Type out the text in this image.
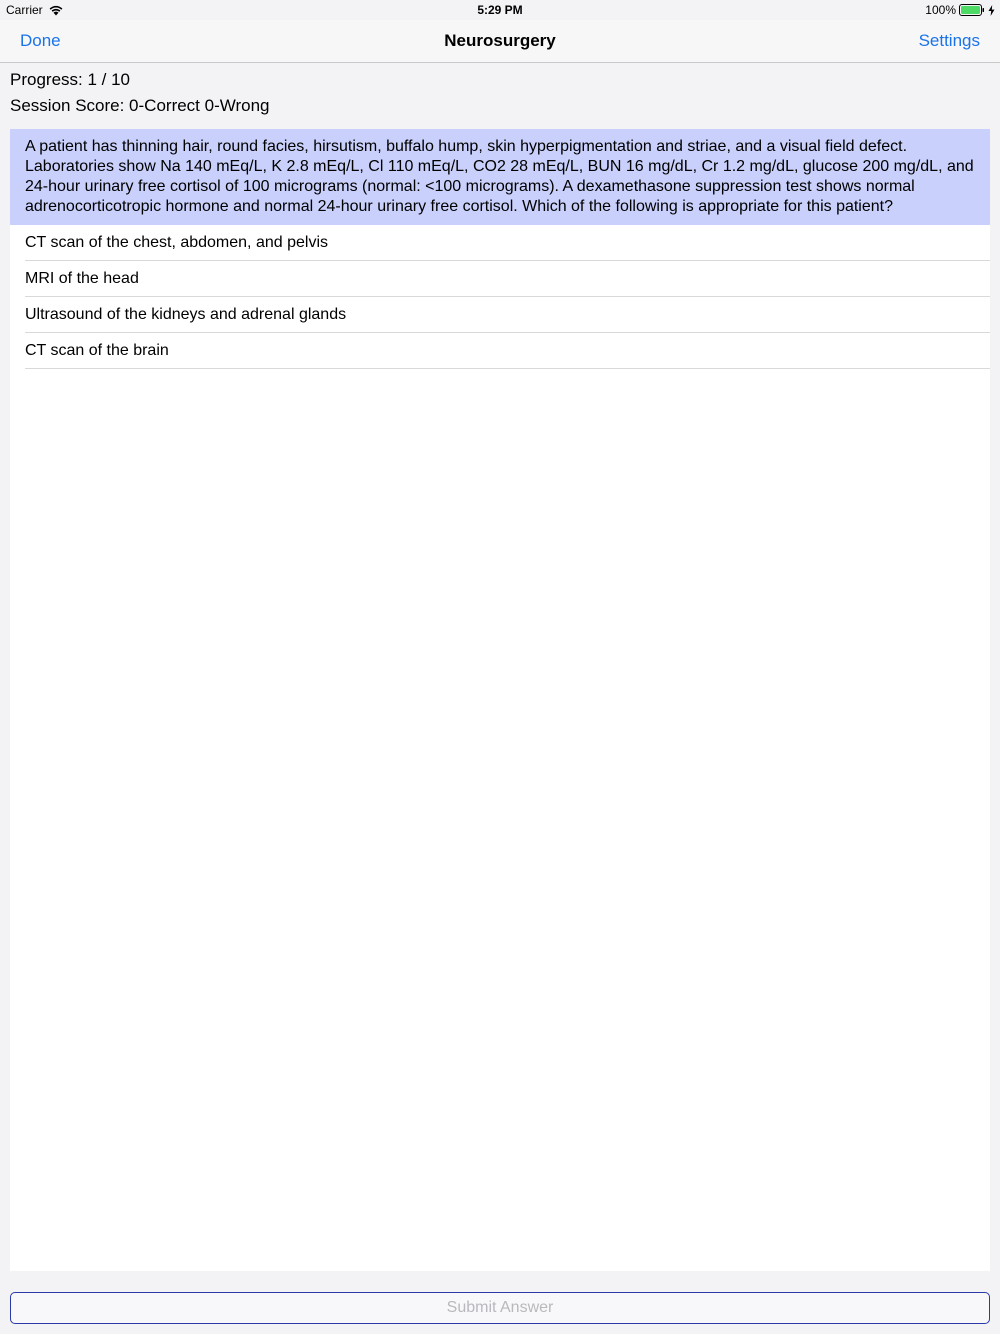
Carrier	5:29 PM	100%
Done	Neurosurgery	Settings
Progress: 1 / 10
Session Score: 0-Correct 0-Wrong
A patient has thinning hair, round facies, hirsutism, buffalo hump, skin hyperpigmentation and striae, and a visual field defect. Laboratories show Na 140 mEq/L, K 2.8 mEq/L, Cl 110 mEq/L, CO2 28 mEq/L, BUN 16 mg/dL, Cr 1.2 mg/dL, glucose 200 mg/dL, and 24-hour urinary free cortisol of 100 micrograms (normal: <100 micrograms). A dexamethasone suppression test shows normal adrenocorticotropic hormone and normal 24-hour urinary free cortisol. Which of the following is appropriate for this patient?
CT scan of the chest, abdomen, and pelvis
MRI of the head
Ultrasound of the kidneys and adrenal glands
CT scan of the brain
Submit Answer
